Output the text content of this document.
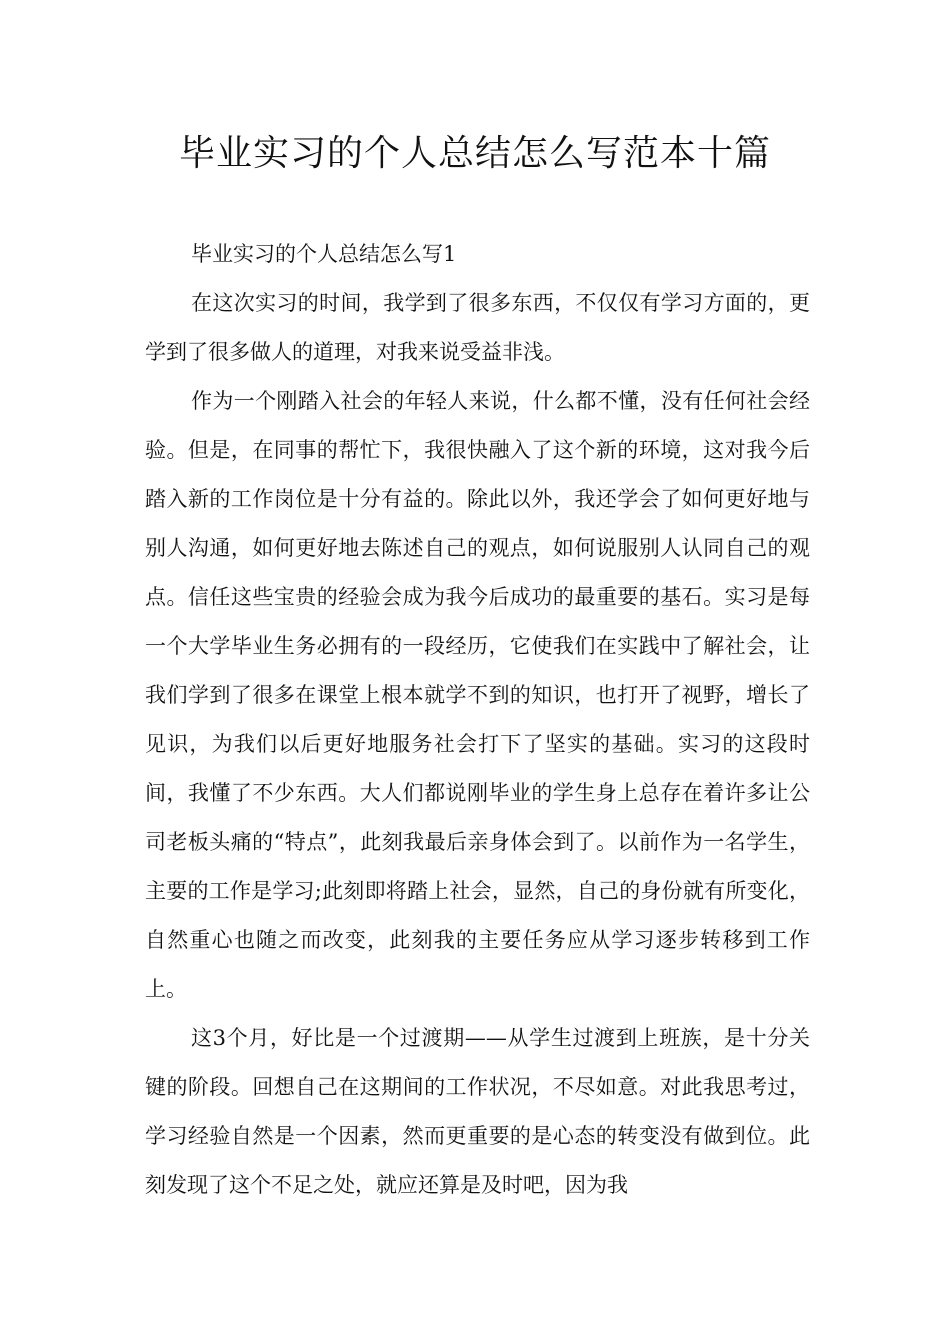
毕业实习的个人总结怎么写范本十篇

毕业实习的个人总结怎么写1

在这次实习的时间，我学到了很多东西，不仅仅有学习方面的，更学到了很多做人的道理，对我来说受益非浅。

作为一个刚踏入社会的年轻人来说，什么都不懂，没有任何社会经验。但是，在同事的帮忙下，我很快融入了这个新的环境，这对我今后踏入新的工作岗位是十分有益的。除此以外，我还学会了如何更好地与别人沟通，如何更好地去陈述自己的观点，如何说服别人认同自己的观点。信任这些宝贵的经验会成为我今后成功的最重要的基石。实习是每一个大学毕业生务必拥有的一段经历，它使我们在实践中了解社会，让我们学到了很多在课堂上根本就学不到的知识，也打开了视野，增长了见识，为我们以后更好地服务社会打下了坚实的基础。实习的这段时间，我懂了不少东西。大人们都说刚毕业的学生身上总存在着许多让公司老板头痛的“特点”，此刻我最后亲身体会到了。以前作为一名学生，主要的工作是学习;此刻即将踏上社会，显然，自己的身份就有所变化，自然重心也随之而改变，此刻我的主要任务应从学习逐步转移到工作上。

这3个月，好比是一个过渡期——从学生过渡到上班族，是十分关键的阶段。回想自己在这期间的工作状况，不尽如意。对此我思考过，学习经验自然是一个因素，然而更重要的是心态的转变没有做到位。此刻发现了这个不足之处，就应还算是及时吧，因为我
